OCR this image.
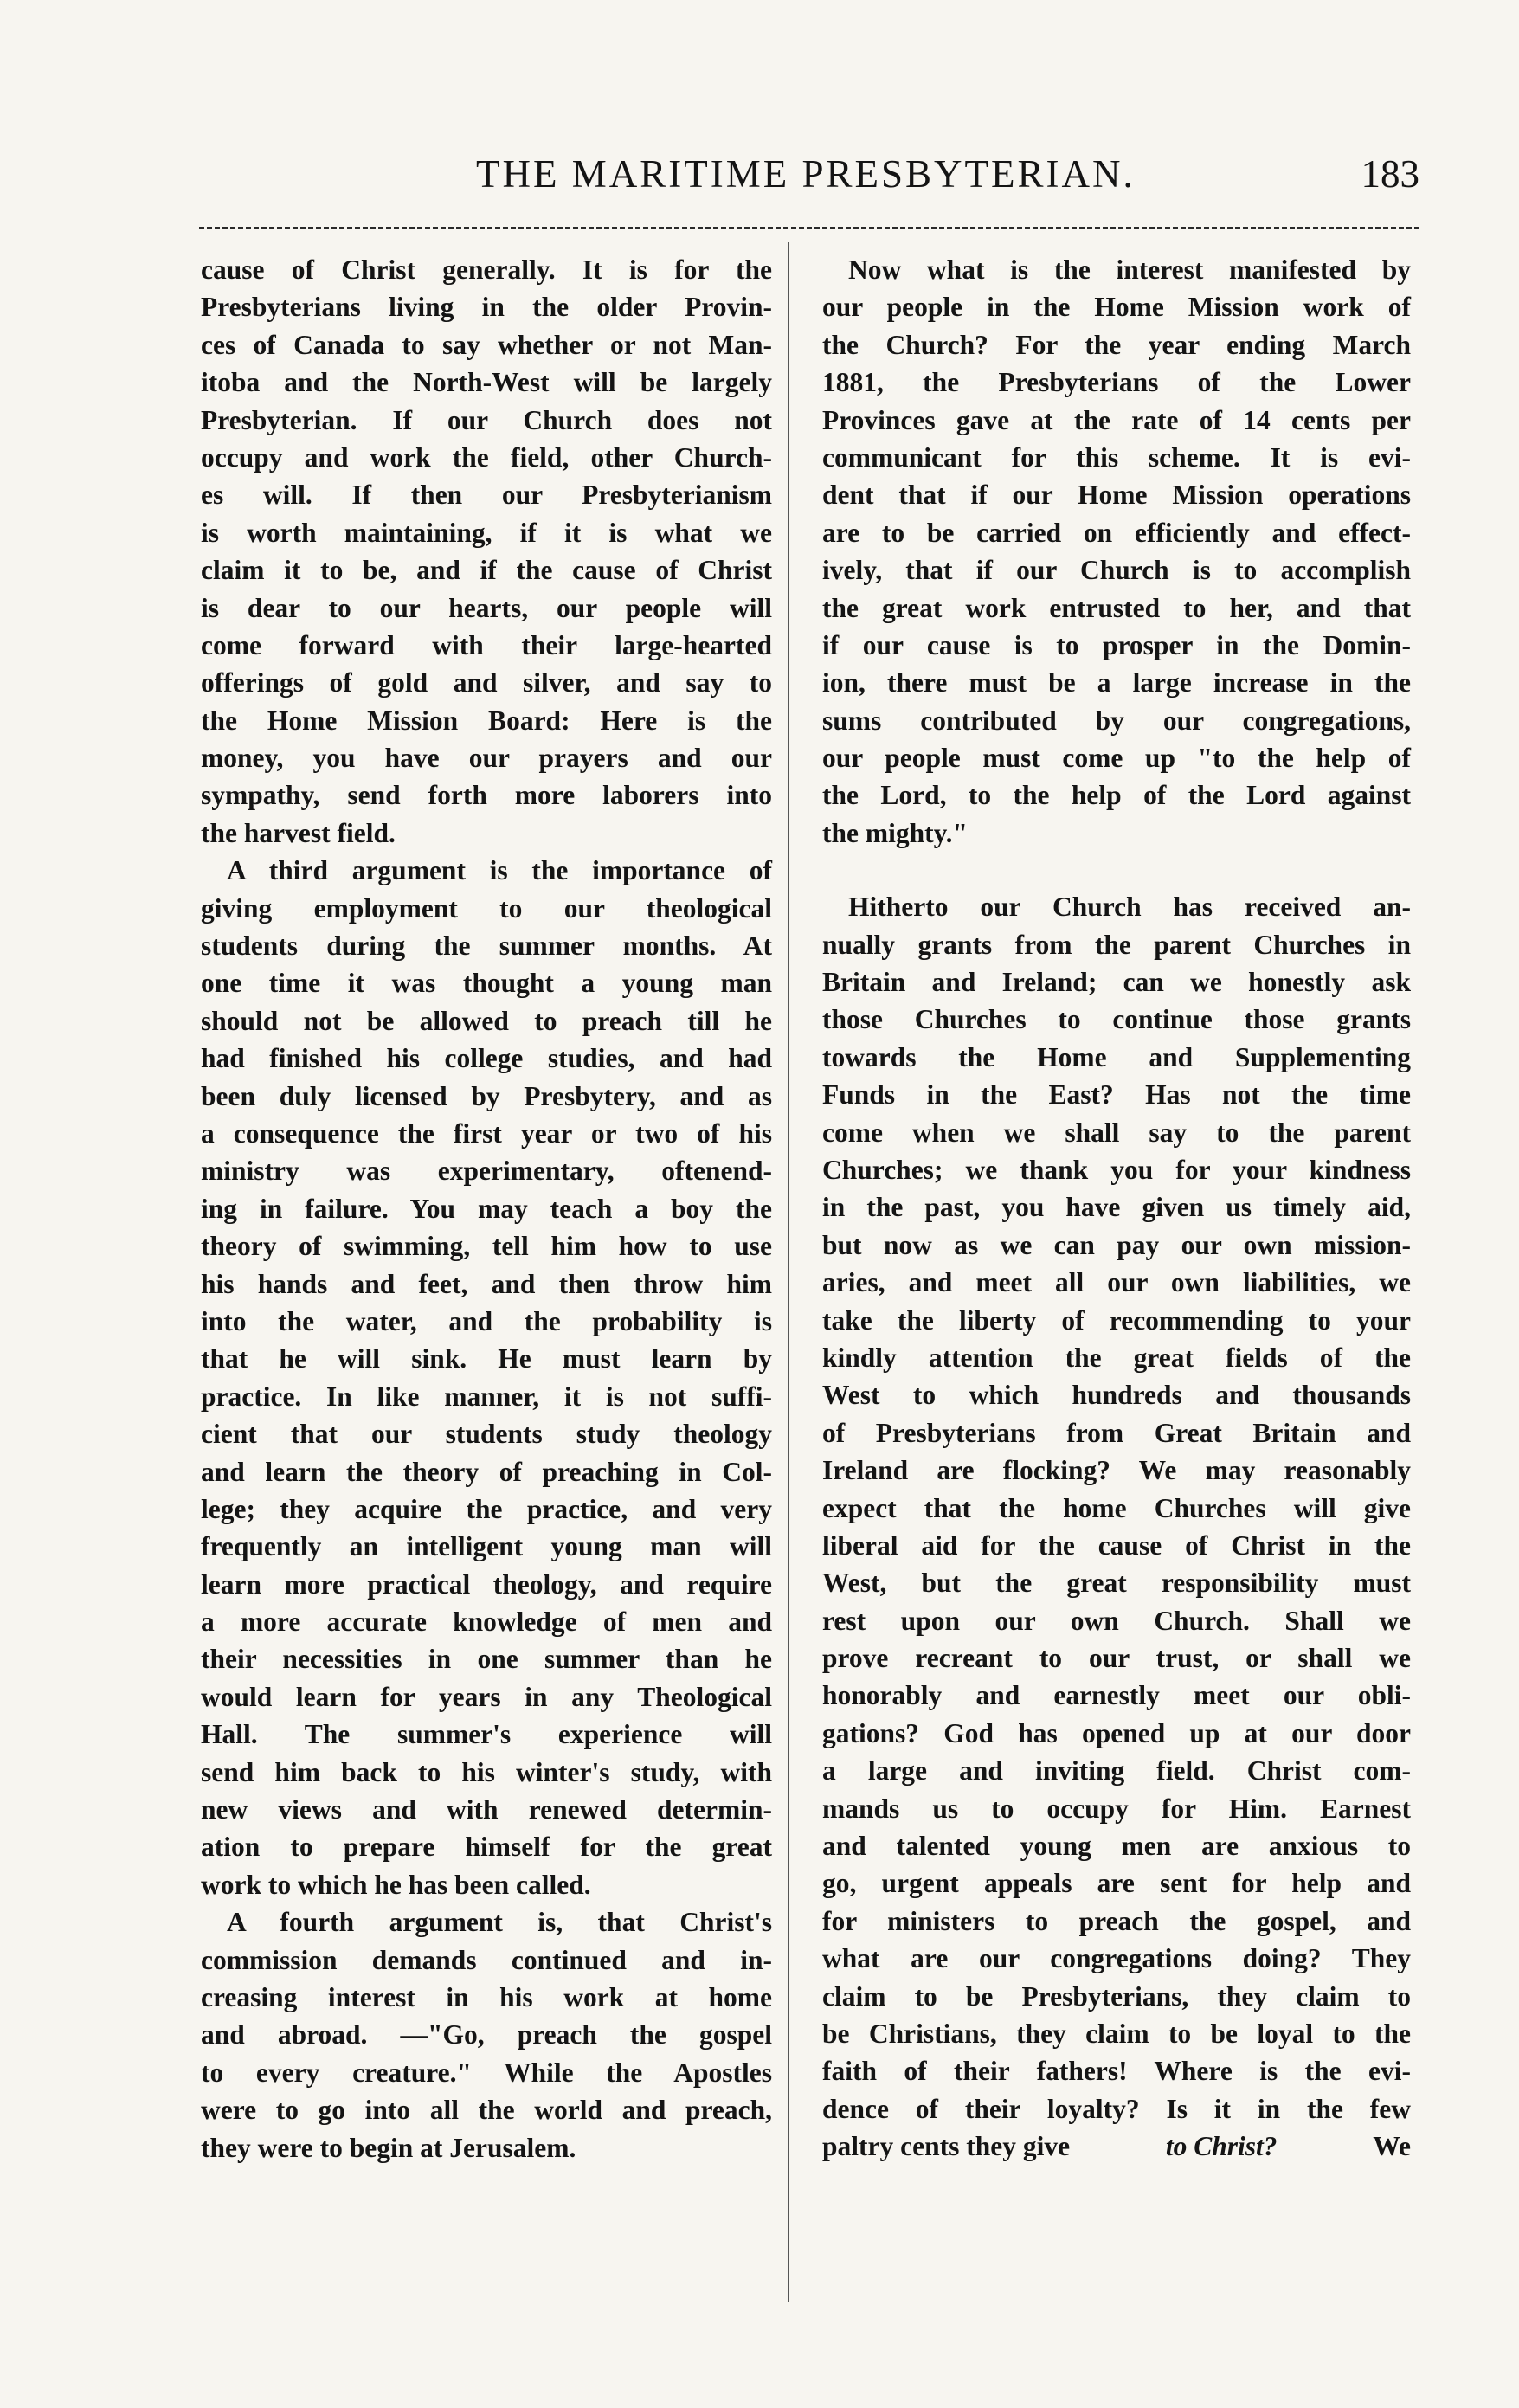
THE MARITIME PRESBYTERIAN.	183
cause of Christ generally. It is for the
Presbyterians living in the older Provin-
ces of Canada to say whether or not Man-
itoba and the North-West will be largely
Presbyterian. If our Church does not
occupy and work the field, other Church-
es will. If then our Presbyterianism
is worth maintaining, if it is what we
claim it to be, and if the cause of Christ
is dear to our hearts, our people will
come forward with their large-hearted
offerings of gold and silver, and say to
the Home Mission Board: Here is the
money, you have our prayers and our
sympathy, send forth more laborers into
the harvest field.
A third argument is the importance of
giving employment to our theological
students during the summer months. At
one time it was thought a young man
should not be allowed to preach till he
had finished his college studies, and had
been duly licensed by Presbytery, and as
a consequence the first year or two of his
ministry was experimentary, oftenend-
ing in failure. You may teach a boy the
theory of swimming, tell him how to use
his hands and feet, and then throw him
into the water, and the probability is
that he will sink. He must learn by
practice. In like manner, it is not suffi-
cient that our students study theology
and learn the theory of preaching in Col-
lege; they acquire the practice, and very
frequently an intelligent young man will
learn more practical theology, and require
a more accurate knowledge of men and
their necessities in one summer than he
would learn for years in any Theological
Hall. The summer's experience will
send him back to his winter's study, with
new views and with renewed determin-
ation to prepare himself for the great
work to which he has been called.
A fourth argument is, that Christ's
commission demands continued and in-
creasing interest in his work at home
and abroad. —"Go, preach the gospel
to every creature." While the Apostles
were to go into all the world and preach,
they were to begin at Jerusalem.
Now what is the interest manifested by
our people in the Home Mission work of
the Church? For the year ending March
1881, the Presbyterians of the Lower
Provinces gave at the rate of 14 cents per
communicant for this scheme. It is evi-
dent that if our Home Mission operations
are to be carried on efficiently and effect-
ively, that if our Church is to accomplish
the great work entrusted to her, and that
if our cause is to prosper in the Domin-
ion, there must be a large increase in the
sums contributed by our congregations,
our people must come up "to the help of
the Lord, to the help of the Lord against
the mighty."
Hitherto our Church has received an-
nually grants from the parent Churches in
Britain and Ireland; can we honestly ask
those Churches to continue those grants
towards the Home and Supplementing
Funds in the East? Has not the time
come when we shall say to the parent
Churches; we thank you for your kindness
in the past, you have given us timely aid,
but now as we can pay our own mission-
aries, and meet all our own liabilities, we
take the liberty of recommending to your
kindly attention the great fields of the
West to which hundreds and thousands
of Presbyterians from Great Britain and
Ireland are flocking? We may reasonably
expect that the home Churches will give
liberal aid for the cause of Christ in the
West, but the great responsibility must
rest upon our own Church. Shall we
prove recreant to our trust, or shall we
honorably and earnestly meet our obli-
gations? God has opened up at our door
a large and inviting field. Christ com-
mands us to occupy for Him. Earnest
and talented young men are anxious to
go, urgent appeals are sent for help and
for ministers to preach the gospel, and
what are our congregations doing? They
claim to be Presbyterians, they claim to
be Christians, they claim to be loyal to the
faith of their fathers! Where is the evi-
dence of their loyalty? Is it in the few
paltry cents they give	to Christ?	We
